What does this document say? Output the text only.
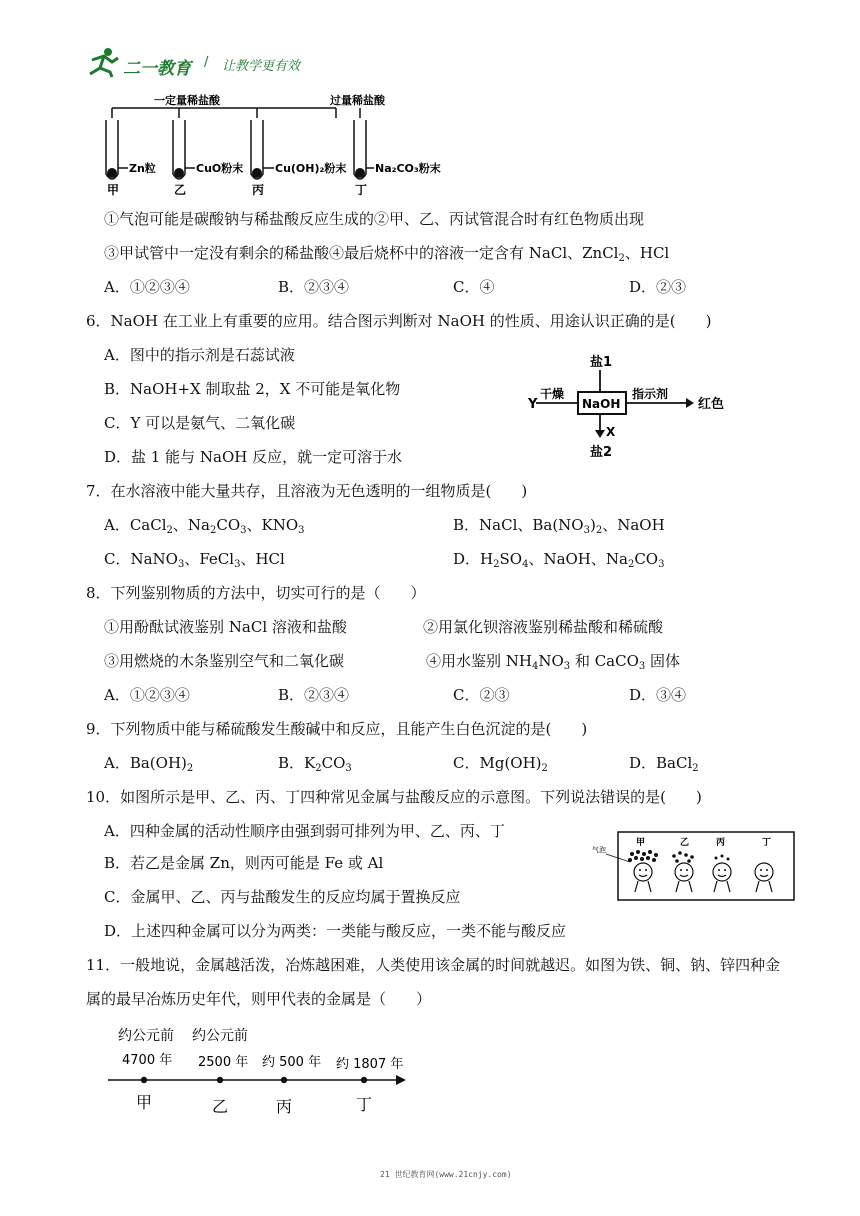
二一教育 / 让教学更有效
一定量稀盐酸	过量稀盐酸
Zn粒	CuO粉末	Cu(OH)₂粉末	Na₂CO₃粉末
甲	乙	丙	丁
①气泡可能是碳酸钠与稀盐酸反应生成的②甲、乙、丙试管混合时有红色物质出现
③甲试管中一定没有剩余的稀盐酸④最后烧杯中的溶液一定含有 NaCl、ZnCl$_2$、HCl
A．①②③④	B．②③④	C．④	D．②③
6．NaOH 在工业上有重要的应用。结合图示判断对 NaOH 的性质、用途认识正确的是(　　)
A．图中的指示剂是石蕊试液
B．NaOH+X 制取盐 2，X 不可能是氧化物
C．Y 可以是氨气、二氧化碳
D．盐 1 能与 NaOH 反应，就一定可溶于水
NaOH
盐1
Y
干燥	指示剂
红色
X
盐2
7．在水溶液中能大量共存，且溶液为无色透明的一组物质是(　　)
A．CaCl$_2$、$Na_2CO_3$、$KNO_3$	B．NaCl、$Ba(NO_3)_2$、NaOH
C．NaNO$_3$、FeCl$_3$、HCl	D．$H_2SO_4$、NaOH、$Na_2CO_3$
8．下列鉴别物质的方法中，切实可行的是（　　）
①用酚酞试液鉴别 NaCl 溶液和盐酸	②用氯化钡溶液鉴别稀盐酸和稀硫酸
③用燃烧的木条鉴别空气和二氧化碳	④用水鉴别 $NH_4NO_3$ 和 CaCO$_3$ 固体
A．①②③④	B．②③④	C．②③	D．③④
9．下列物质中能与稀硫酸发生酸碱中和反应，且能产生白色沉淀的是(　　)
A．$Ba(OH)_2$	B．$K_2CO_3$	C．$Mg(OH)_2$	D．BaCl$_2$
10．如图所示是甲、乙、丙、丁四种常见金属与盐酸反应的示意图。下列说法错误的是(　　)
A．四种金属的活动性顺序由强到弱可排列为甲、乙、丙、丁
B．若乙是金属 Zn，则丙可能是 Fe 或 Al
C．金属甲、乙、丙与盐酸发生的反应均属于置换反应
D．上述四种金属可以分为两类：一类能与酸反应，一类不能与酸反应
气泡
甲	乙	丙	丁
11．一般地说，金属越活泼，冶炼越困难，人类使用该金属的时间就越迟。如图为铁、铜、钠、锌四种金
属的最早冶炼历史年代，则甲代表的金属是（　　）
约公元前 约公元前
4700 年 2500 年 约 500 年 约 1807 年
甲	乙	丙	丁
21 世纪教育网(www.21cnjy.com)
